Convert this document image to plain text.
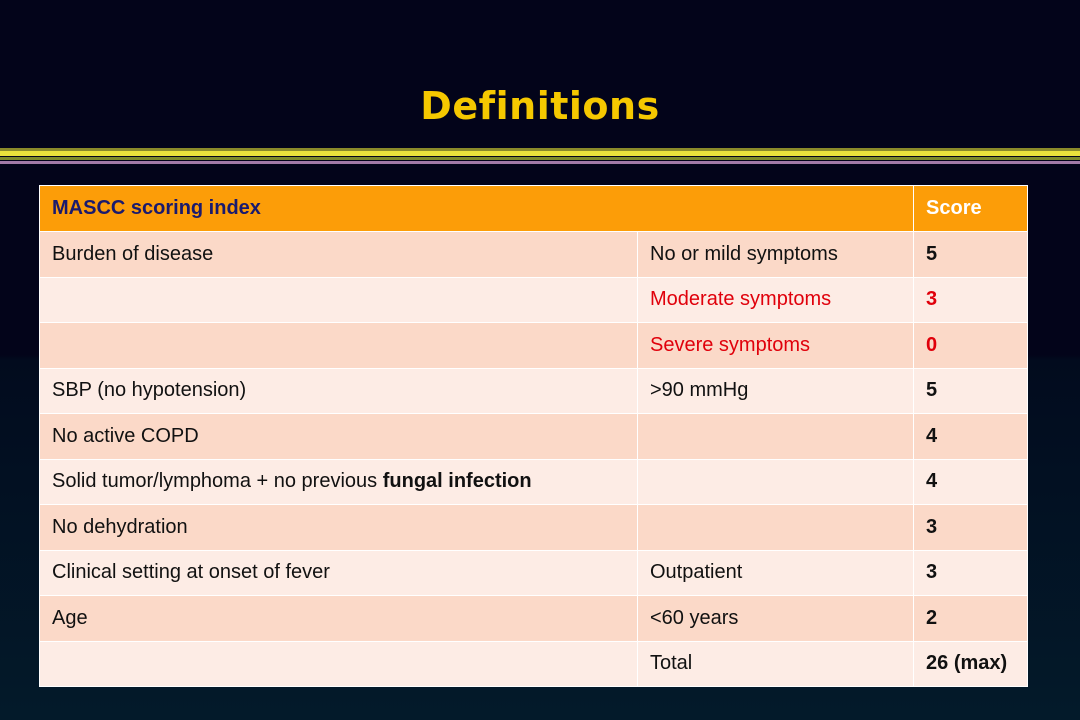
Definitions
MASCC scoring index		Score
Burden of disease	No or mild symptoms	5
	Moderate symptoms	3
	Severe symptoms	0
SBP (no hypotension)	>90 mmHg	5
No active COPD		4
Solid tumor/lymphoma + no previous fungal infection		4
No dehydration		3
Clinical setting at onset of fever	Outpatient	3
Age	<60 years	2
	Total	26 (max)
